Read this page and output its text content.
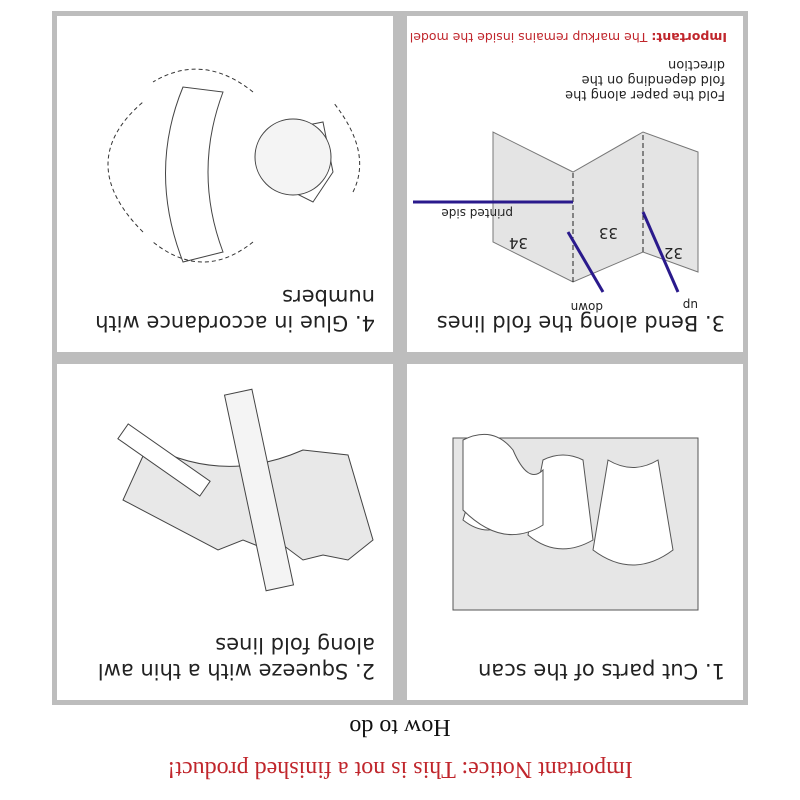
Important Notice: This is not a finished product!
How to do
1. Cut parts of the scan
2. Squeeze with a thin awl along fold lines
3. Bend along the fold lines
up
down
printed side
32
33
34
Fold the paper along the fold depending on the direction
Important: The markup remains inside the model
4. Glue in accordance with numbers
